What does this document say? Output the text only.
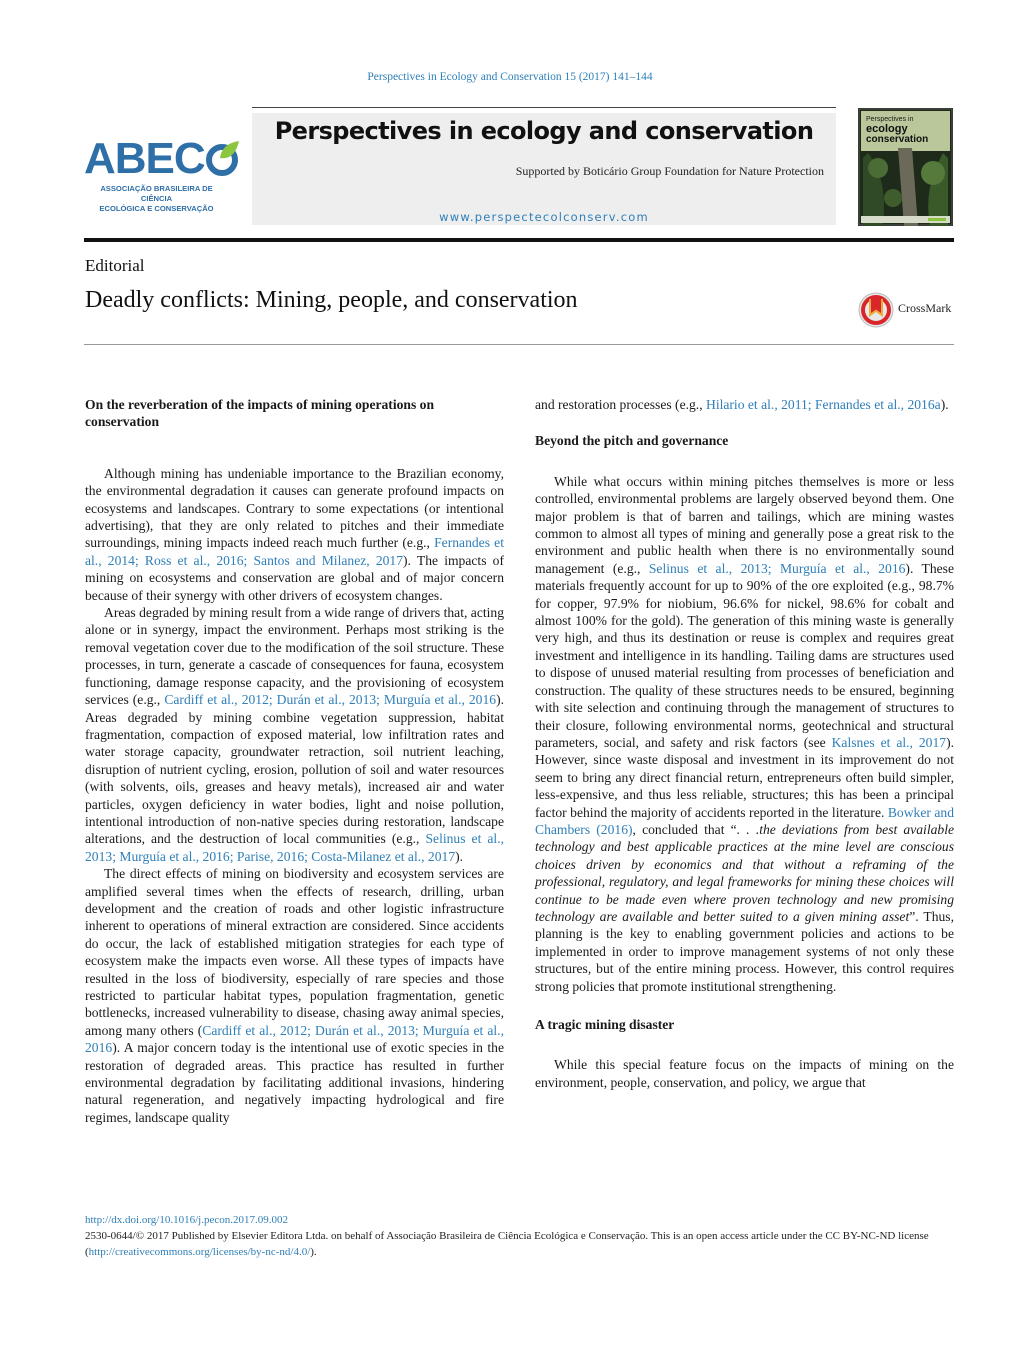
Perspectives in Ecology and Conservation 15 (2017) 141–144
ABEC
ASSOCIAÇÃO BRASILEIRA DE CIÊNCIA
ECOLÓGICA E CONSERVAÇÃO
Perspectives in ecology and conservation
Supported by Boticário Group Foundation for Nature Protection
www.perspectecolconserv.com
Perspectives in
ecology
conservation
Editorial
Deadly conflicts: Mining, people, and conservation	CrossMark
On the reverberation of the impacts of mining operations on conservation

Although mining has undeniable importance to the Brazilian economy, the environmental degradation it causes can generate profound impacts on ecosystems and landscapes. Contrary to some expectations (or intentional advertising), that they are only related to pitches and their immediate surroundings, mining impacts indeed reach much further (e.g., Fernandes et al., 2014; Ross et al., 2016; Santos and Milanez, 2017). The impacts of mining on ecosystems and conservation are global and of major concern because of their synergy with other drivers of ecosystem changes.

Areas degraded by mining result from a wide range of drivers that, acting alone or in synergy, impact the environment. Perhaps most striking is the removal vegetation cover due to the modification of the soil structure. These processes, in turn, generate a cascade of consequences for fauna, ecosystem functioning, damage response capacity, and the provisioning of ecosystem services (e.g., Cardiff et al., 2012; Durán et al., 2013; Murguía et al., 2016). Areas degraded by mining combine vegetation suppression, habitat fragmentation, compaction of exposed material, low infiltration rates and water storage capacity, groundwater retraction, soil nutrient leaching, disruption of nutrient cycling, erosion, pollution of soil and water resources (with solvents, oils, greases and heavy metals), increased air and water particles, oxygen deficiency in water bodies, light and noise pollution, intentional introduction of non-native species during restoration, landscape alterations, and the destruction of local communities (e.g., Selinus et al., 2013; Murguía et al., 2016; Parise, 2016; Costa-Milanez et al., 2017).

The direct effects of mining on biodiversity and ecosystem services are amplified several times when the effects of research, drilling, urban development and the creation of roads and other logistic infrastructure inherent to operations of mineral extraction are considered. Since accidents do occur, the lack of established mitigation strategies for each type of ecosystem make the impacts even worse. All these types of impacts have resulted in the loss of biodiversity, especially of rare species and those restricted to particular habitat types, population fragmentation, genetic bottlenecks, increased vulnerability to disease, chasing away animal species, among many others (Cardiff et al., 2012; Durán et al., 2013; Murguía et al., 2016). A major concern today is the intentional use of exotic species in the restoration of degraded areas. This practice has resulted in further environmental degradation by facilitating additional invasions, hindering natural regeneration, and negatively impacting hydrological and fire regimes, landscape quality

and restoration processes (e.g., Hilario et al., 2011; Fernandes et al., 2016a).

Beyond the pitch and governance

While what occurs within mining pitches themselves is more or less controlled, environmental problems are largely observed beyond them. One major problem is that of barren and tailings, which are mining wastes common to almost all types of mining and generally pose a great risk to the environment and public health when there is no environmentally sound management (e.g., Selinus et al., 2013; Murguía et al., 2016). These materials frequently account for up to 90% of the ore exploited (e.g., 98.7% for copper, 97.9% for niobium, 96.6% for nickel, 98.6% for cobalt and almost 100% for the gold). The generation of this mining waste is generally very high, and thus its destination or reuse is complex and requires great investment and intelligence in its handling. Tailing dams are structures used to dispose of unused material resulting from processes of beneficiation and construction. The quality of these structures needs to be ensured, beginning with site selection and continuing through the management of structures to their closure, following environmental norms, geotechnical and structural parameters, social, and safety and risk factors (see Kalsnes et al., 2017). However, since waste disposal and investment in its improvement do not seem to bring any direct financial return, entrepreneurs often build simpler, less-expensive, and thus less reliable, structures; this has been a principal factor behind the majority of accidents reported in the literature. Bowker and Chambers (2016), concluded that “. . .the deviations from best available technology and best applicable practices at the mine level are conscious choices driven by economics and that without a reframing of the professional, regulatory, and legal frameworks for mining these choices will continue to be made even where proven technology and new promising technology are available and better suited to a given mining asset”. Thus, planning is the key to enabling government policies and actions to be implemented in order to improve management systems of not only these structures, but of the entire mining process. However, this control requires strong policies that promote institutional strengthening.

A tragic mining disaster

While this special feature focus on the impacts of mining on the environment, people, conservation, and policy, we argue that

http://dx.doi.org/10.1016/j.pecon.2017.09.002
2530-0644/© 2017 Published by Elsevier Editora Ltda. on behalf of Associação Brasileira de Ciência Ecológica e Conservação. This is an open access article under the CC BY-NC-ND license (http://creativecommons.org/licenses/by-nc-nd/4.0/).
